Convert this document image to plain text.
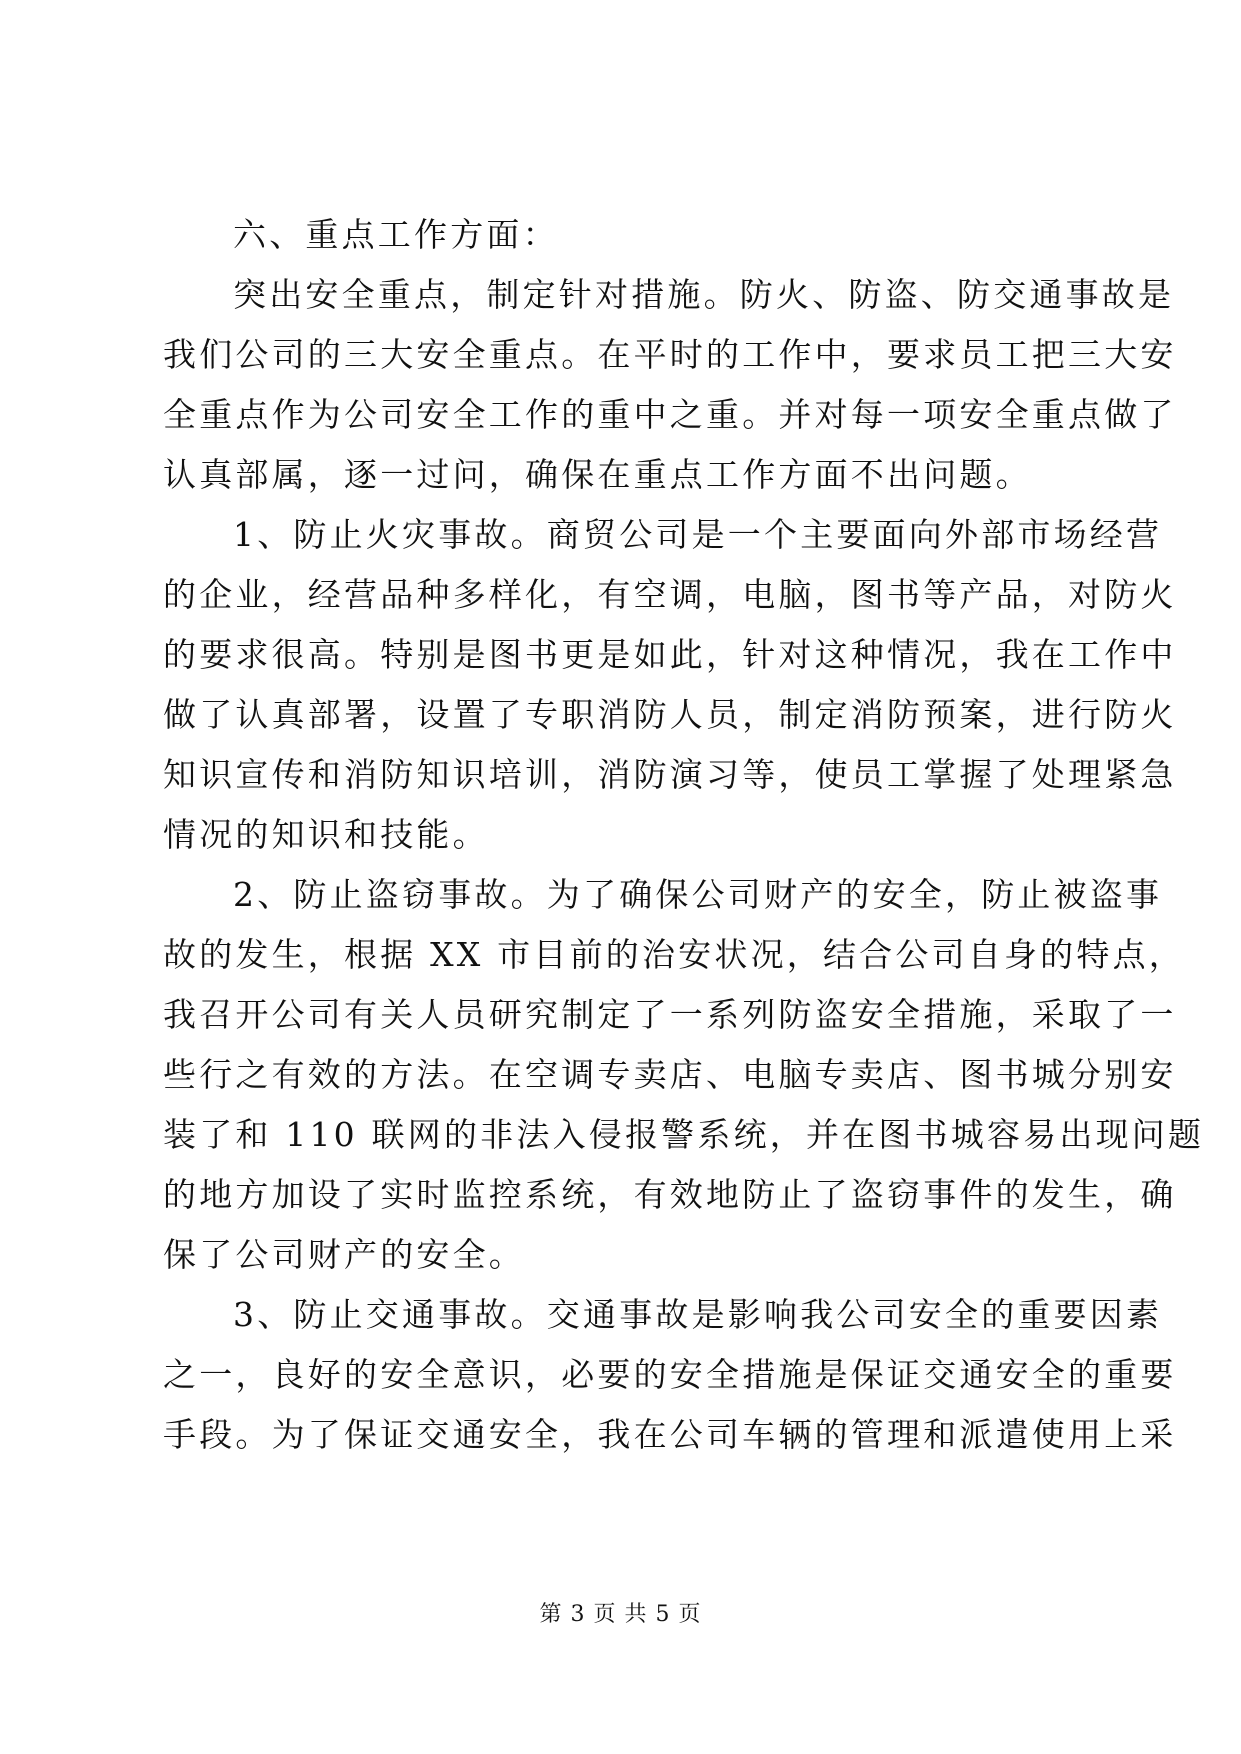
六、重点工作方面：
突出安全重点，制定针对措施。防火、防盗、防交通事故是
我们公司的三大安全重点。在平时的工作中，要求员工把三大安
全重点作为公司安全工作的重中之重。并对每一项安全重点做了
认真部属，逐一过问，确保在重点工作方面不出问题。
1、防止火灾事故。商贸公司是一个主要面向外部市场经营
的企业，经营品种多样化，有空调，电脑，图书等产品，对防火
的要求很高。特别是图书更是如此，针对这种情况，我在工作中
做了认真部署，设置了专职消防人员，制定消防预案，进行防火
知识宣传和消防知识培训，消防演习等，使员工掌握了处理紧急
情况的知识和技能。
2、防止盗窃事故。为了确保公司财产的安全，防止被盗事
故的发生，根据 XX 市目前的治安状况，结合公司自身的特点，
我召开公司有关人员研究制定了一系列防盗安全措施，采取了一
些行之有效的方法。在空调专卖店、电脑专卖店、图书城分别安
装了和 110 联网的非法入侵报警系统，并在图书城容易出现问题
的地方加设了实时监控系统，有效地防止了盗窃事件的发生，确
保了公司财产的安全。
3、防止交通事故。交通事故是影响我公司安全的重要因素
之一，良好的安全意识，必要的安全措施是保证交通安全的重要
手段。为了保证交通安全，我在公司车辆的管理和派遣使用上采
第 3 页 共 5 页
